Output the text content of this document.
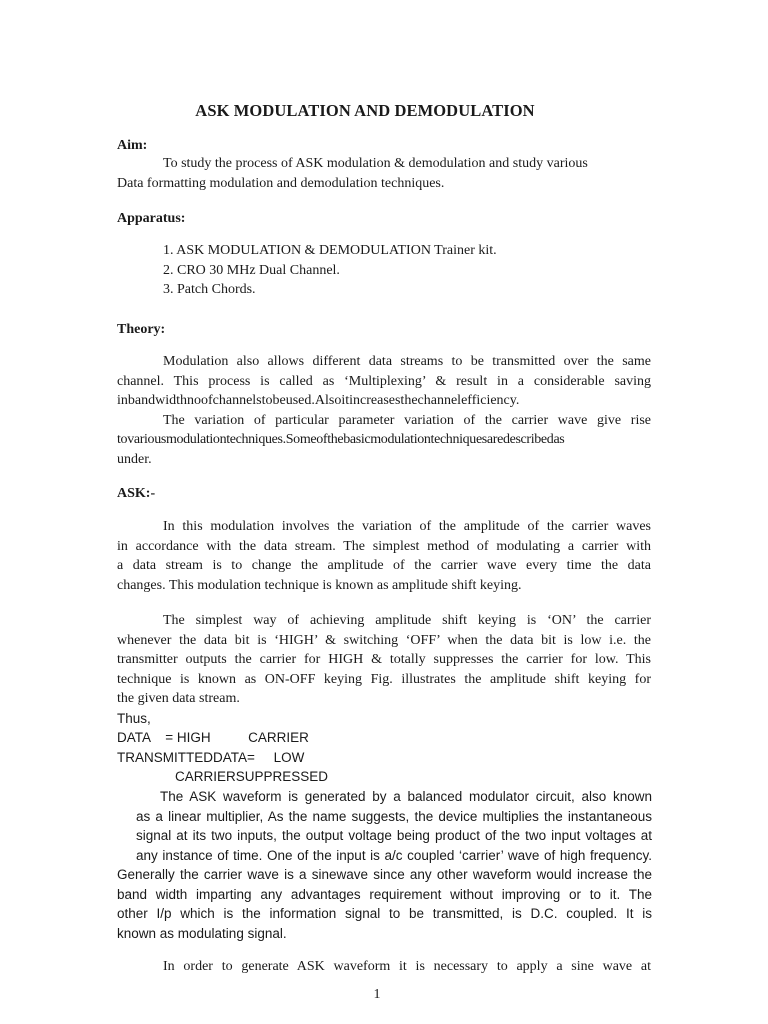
ASK MODULATION AND DEMODULATION
Aim:
To study the process of ASK modulation & demodulation and study various
Data formatting modulation and demodulation techniques.
Apparatus:
1. ASK MODULATION & DEMODULATION Trainer kit.
2. CRO 30 MHz Dual Channel.
3. Patch Chords.
Theory:
Modulation also allows different data streams to be transmitted over the same
channel. This process is called as ‘Multiplexing’ & result in a considerable saving
inbandwidthnoofchannelstobeused.Alsoitincreasesthechannelefficiency.
The variation of particular parameter variation of the carrier wave give rise
tovariousmodulationtechniques.Someofthebasicmodulationtechniquesaredescribedas
under.
ASK:-
In this modulation involves the variation of the amplitude of the carrier waves
in accordance with the data stream. The simplest method of modulating a carrier with
a data stream is to change the amplitude of the carrier wave every time the data
changes. This modulation technique is known as amplitude shift keying.
The simplest way of achieving amplitude shift keying is ‘ON’ the carrier
whenever the data bit is ‘HIGH’ & switching ‘OFF’ when the data bit is low i.e. the
transmitter outputs the carrier for HIGH & totally suppresses the carrier for low. This
technique is known as ON-OFF keying Fig. illustrates the amplitude shift keying for
the given data stream.
Thus,
DATA    = HIGH          CARRIER
TRANSMITTEDDATA=     LOW
CARRIERSUPPRESSED
The ASK waveform is generated by a balanced modulator circuit, also known
as a linear multiplier, As the name suggests, the device multiplies the instantaneous
signal at its two inputs, the output voltage being product of the two input voltages at
any instance of time. One of the input is a/c coupled ‘carrier’ wave of high frequency.
Generally the carrier wave is a sinewave since any other waveform would increase the
band width imparting any advantages requirement without improving or to it. The
other I/p which is the information signal to be transmitted, is D.C. coupled. It is
known as modulating signal.
In order to generate ASK waveform it is necessary to apply a sine wave at
1
